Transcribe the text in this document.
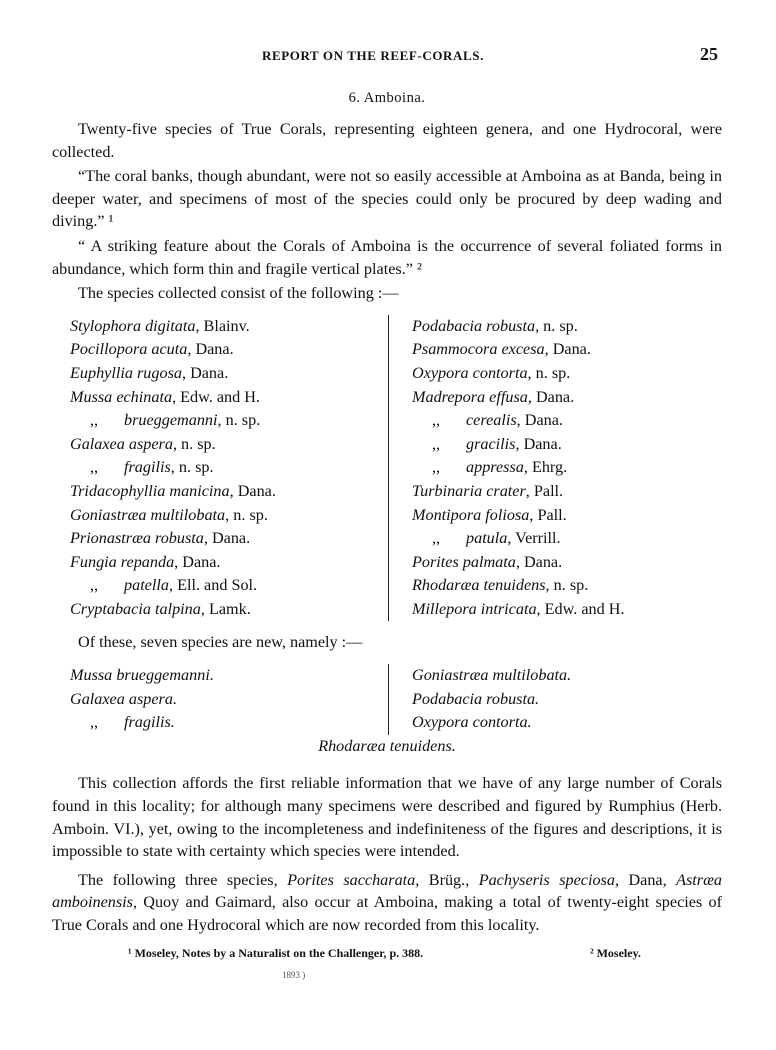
REPORT ON THE REEF-CORALS.	25
6. Amboina.
Twenty-five species of True Corals, representing eighteen genera, and one Hydrocoral, were collected.
“The coral banks, though abundant, were not so easily accessible at Amboina as at Banda, being in deeper water, and specimens of most of the species could only be procured by deep wading and diving.” ¹
“ A striking feature about the Corals of Amboina is the occurrence of several foliated forms in abundance, which form thin and fragile vertical plates.” ²
The species collected consist of the following :—
Stylophora digitata, Blainv.
Pocillopora acuta, Dana.
Euphyllia rugosa, Dana.
Mussa echinata, Edw. and H.
,, brueggemanni, n. sp.
Galaxea aspera, n. sp.
,, fragilis, n. sp.
Tridacophyllia manicina, Dana.
Goniastræa multilobata, n. sp.
Prionastræa robusta, Dana.
Fungia repanda, Dana.
,, patella, Ell. and Sol.
Cryptabacia talpina, Lamk.
Podabacia robusta, n. sp.
Psammocora excesa, Dana.
Oxypora contorta, n. sp.
Madrepora effusa, Dana.
,, cerealis, Dana.
,, gracilis, Dana.
,, appressa, Ehrg.
Turbinaria crater, Pall.
Montipora foliosa, Pall.
,, patula, Verrill.
Porites palmata, Dana.
Rhodaræa tenuidens, n. sp.
Millepora intricata, Edw. and H.
Of these, seven species are new, namely :—
Mussa brueggemanni.
Galaxea aspera.
,, fragilis.
Goniastræa multilobata.
Podabacia robusta.
Oxypora contorta.
Rhodaræa tenuidens.
This collection affords the first reliable information that we have of any large number of Corals found in this locality; for although many specimens were described and figured by Rumphius (Herb. Amboin. VI.), yet, owing to the incompleteness and indefiniteness of the figures and descriptions, it is impossible to state with certainty which species were intended.
The following three species, Porites saccharata, Brüg., Pachyseris speciosa, Dana, Astræa amboinensis, Quoy and Gaimard, also occur at Amboina, making a total of twenty-eight species of True Corals and one Hydrocoral which are now recorded from this locality.
¹ Moseley, Notes by a Naturalist on the Challenger, p. 388.	² Moseley.
1893 )
